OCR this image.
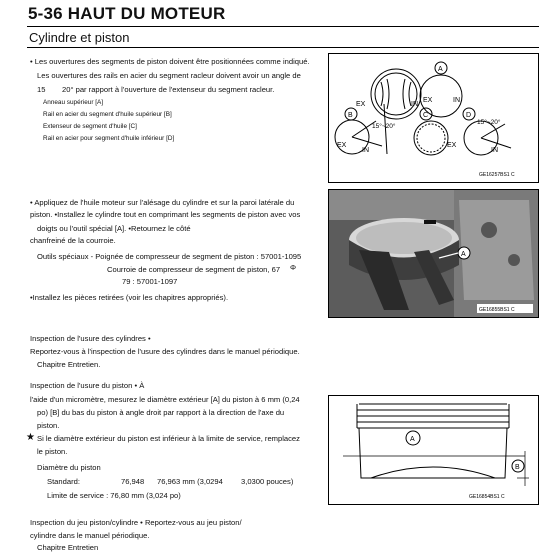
5-36 HAUT DU MOTEUR
Cylindre et piston
• Les ouvertures des segments de piston doivent être positionnées comme indiqué.
Les ouvertures des rails en acier du segment racleur doivent avoir un angle de
15 20° par rapport à l'ouverture de l'extenseur du segment racleur.
Anneau supérieur [A]
Rail en acier du segment d'huile supérieur [B]
Extenseur de segment d'huile [C]
Rail en acier pour segment d'huile inférieur [D]
A
B	C	D
EX	IN
EX	IN
EX
IN
EX
IN
15°~20°
15°~20°
GE16257BS1 C
• Appliquez de l'huile moteur sur l'alésage du cylindre et sur la paroi latérale du
piston. •Installez le cylindre tout en comprimant les segments de piston avec vos
doigts ou l'outil spécial [A]. •Retournez le côté
chanfreiné de la courroie.
Outils spéciaux - Poignée de compresseur de segment de piston : 57001-1095
Courroie de compresseur de segment de piston, 67 Φ
79 : 57001-1097
•Installez les pièces retirées (voir les chapitres appropriés).
A
GE16855BS1 C
Inspection de l'usure des cylindres •
Reportez-vous à l'inspection de l'usure des cylindres dans le manuel périodique.
Chapitre Entretien.
Inspection de l'usure du piston • À
l'aide d'un micromètre, mesurez le diamètre extérieur [A] du piston à 6 mm (0,24
po) [B] du bas du piston à angle droit par rapport à la direction de l'axe du
piston.
★ Si le diamètre extérieur du piston est inférieur à la limite de service, remplacez
le piston.
Diamètre du piston
Standard:	76,948 76,963 mm (3,0294 3,0300 pouces)
Limite de service : 76,80 mm (3,024 po)
A
B
GE16854BS1 C
Inspection du jeu piston/cylindre • Reportez-vous au jeu piston/
cylindre dans le manuel périodique.
Chapitre Entretien
